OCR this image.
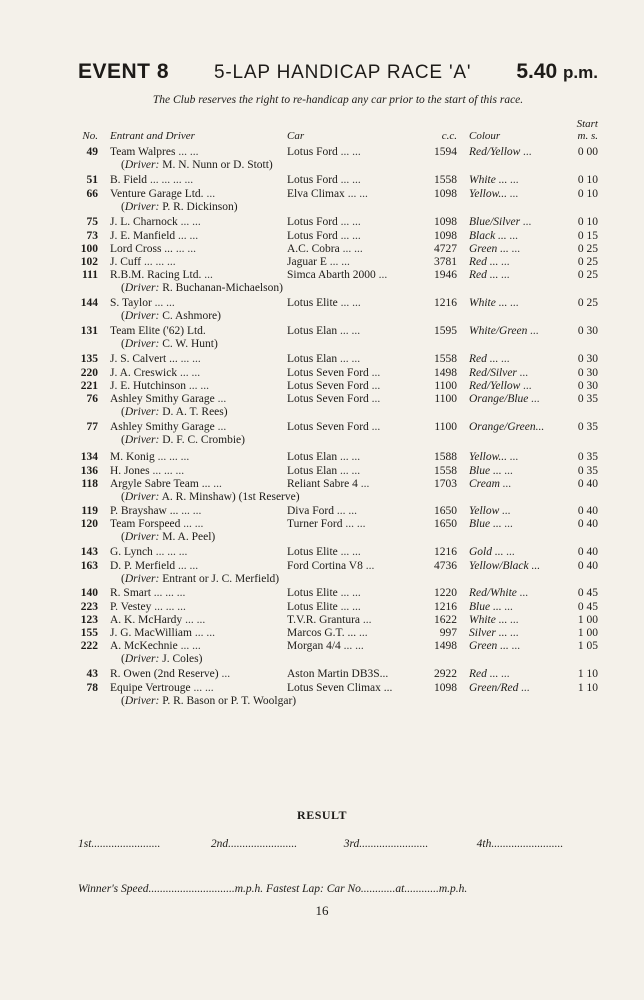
EVENT 8 5-LAP HANDICAP RACE 'A' 5.40 p.m.
The Club reserves the right to re-handicap any car prior to the start of this race.
No. Entrant and Driver	Car	c.c. Colour
Start
m. s.
49 Team Walpres ... ...	Lotus Ford ... ...	1594 Red/Yellow ...	0 00
(Driver: M. N. Nunn or D. Stott)
51 B. Field ... ... ... ...	Lotus Ford ... ...	1558 White ... ...	0 10
66 Venture Garage Ltd. ...	Elva Climax ... ...	1098 Yellow... ...	0 10
(Driver: P. R. Dickinson)
75 J. L. Charnock ... ...	Lotus Ford ... ...	1098 Blue/Silver ...	0 10
73 J. E. Manfield ... ...	Lotus Ford ... ...	1098 Black ... ...	0 15
100 Lord Cross ... ... ...	A.C. Cobra ... ...	4727 Green ... ...	0 25
102 J. Cuff ... ... ...	Jaguar E ... ...	3781 Red ... ...	0 25
111 R.B.M. Racing Ltd. ...	Simca Abarth 2000 ...	1946 Red ... ...	0 25
(Driver: R. Buchanan-Michaelson)
144 S. Taylor ... ...	Lotus Elite ... ...	1216 White ... ...	0 25
(Driver: C. Ashmore)
131 Team Elite ('62) Ltd.	Lotus Elan ... ...	1595 White/Green ...	0 30
(Driver: C. W. Hunt)
135 J. S. Calvert ... ... ...	Lotus Elan ... ...	1558 Red ... ...	0 30
220 J. A. Creswick ... ...	Lotus Seven Ford ...	1498 Red/Silver ...	0 30
221 J. E. Hutchinson ... ...	Lotus Seven Ford ...	1100 Red/Yellow ...	0 30
76 Ashley Smithy Garage ...	Lotus Seven Ford ...	1100 Orange/Blue ...	0 35
(Driver: D. A. T. Rees)
77 Ashley Smithy Garage ...	Lotus Seven Ford ...	1100 Orange/Green...	0 35
(Driver: D. F. C. Crombie)
134 M. Konig ... ... ...	Lotus Elan ... ...	1588 Yellow... ...	0 35
136 H. Jones ... ... ...	Lotus Elan ... ...	1558 Blue ... ...	0 35
118 Argyle Sabre Team ... ...	Reliant Sabre 4 ...	1703 Cream ...	0 40
(Driver: A. R. Minshaw) (1st Reserve)
119 P. Brayshaw ... ... ...	Diva Ford ... ...	1650 Yellow ...	0 40
120 Team Forspeed ... ...	Turner Ford ... ...	1650 Blue ... ...	0 40
(Driver: M. A. Peel)
143 G. Lynch ... ... ...	Lotus Elite ... ...	1216 Gold ... ...	0 40
163 D. P. Merfield ... ...	Ford Cortina V8 ...	4736 Yellow/Black ...	0 40
(Driver: Entrant or J. C. Merfield)
140 R. Smart ... ... ...	Lotus Elite ... ...	1220 Red/White ...	0 45
223 P. Vestey ... ... ...	Lotus Elite ... ...	1216 Blue ... ...	0 45
123 A. K. McHardy ... ...	T.V.R. Grantura ...	1622 White ... ...	1 00
155 J. G. MacWilliam ... ...	Marcos G.T. ... ...	997 Silver ... ...	1 00
222 A. McKechnie ... ...	Morgan 4/4 ... ...	1498 Green ... ...	1 05
(Driver: J. Coles)
43 R. Owen (2nd Reserve) ...	Aston Martin DB3S...	2922 Red ... ...	1 10
78 Equipe Vertrouge ... ...	Lotus Seven Climax ...	1098 Green/Red ...	1 10
(Driver: P. R. Bason or P. T. Woolgar)
RESULT
1st........................	2nd........................	3rd........................	4th.........................
Winner's Speed..............................m.p.h. Fastest Lap: Car No............at............m.p.h.
16
